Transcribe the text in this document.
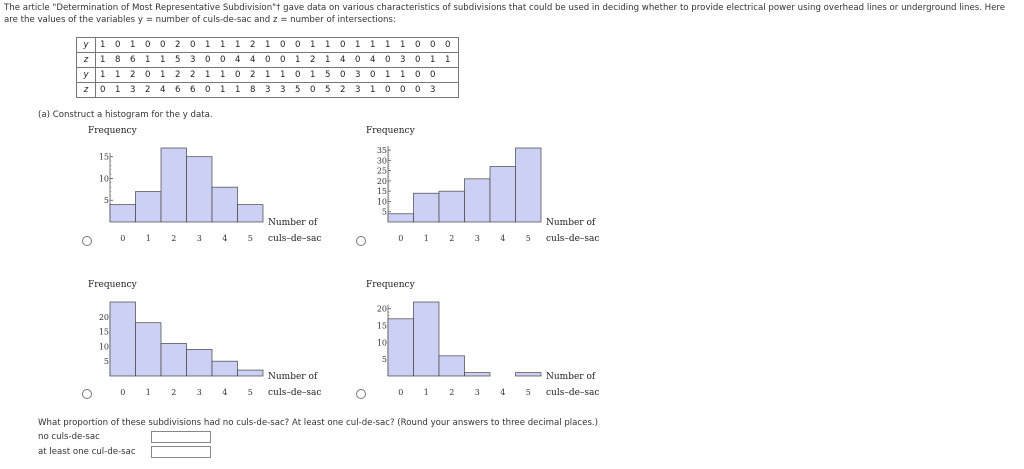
The article "Determination of Most Representative Subdivision"† gave data on various characteristics of subdivisions that could be used in deciding whether to provide electrical power using overhead lines or underground lines. Here are the values of the variables y = number of culs-de-sac and z = number of intersections:
y	1 0 1 0 0 2 0 1 1 1 2 1 0 0 1 1 0 1 1 1 1 0 0 0
z	1 8 6 1 1 5 3 0 0 4 4 0 0 1 2 1 4 0 4 0 3 0 1 1
y	1 1 2 0 1 2 2 1 1 0 2 1 1 0 1 5 0 3 0 1 1 0 0
z	0 1 3 2 4 6 6 0 1 1 8 3 3 5 0 5 2 3 1 0 0 0 3
(a) Construct a histogram for the y data.
Frequency
5
10
15
0	1	2	3	4	5
Number of
culs–de–sac
Frequency
5
10
15
20
25
30
35
0	1	2	3	4	5
Number of
culs–de–sac
Frequency
5
10
15
20
0	1	2	3	4	5
Number of
culs–de–sac
Frequency
5
10
15
20
0	1	2	3	4	5
Number of
culs–de–sac
What proportion of these subdivisions had no culs-de-sac? At least one cul-de-sac? (Round your answers to three decimal places.)
no culs-de-sac
at least one cul-de-sac
